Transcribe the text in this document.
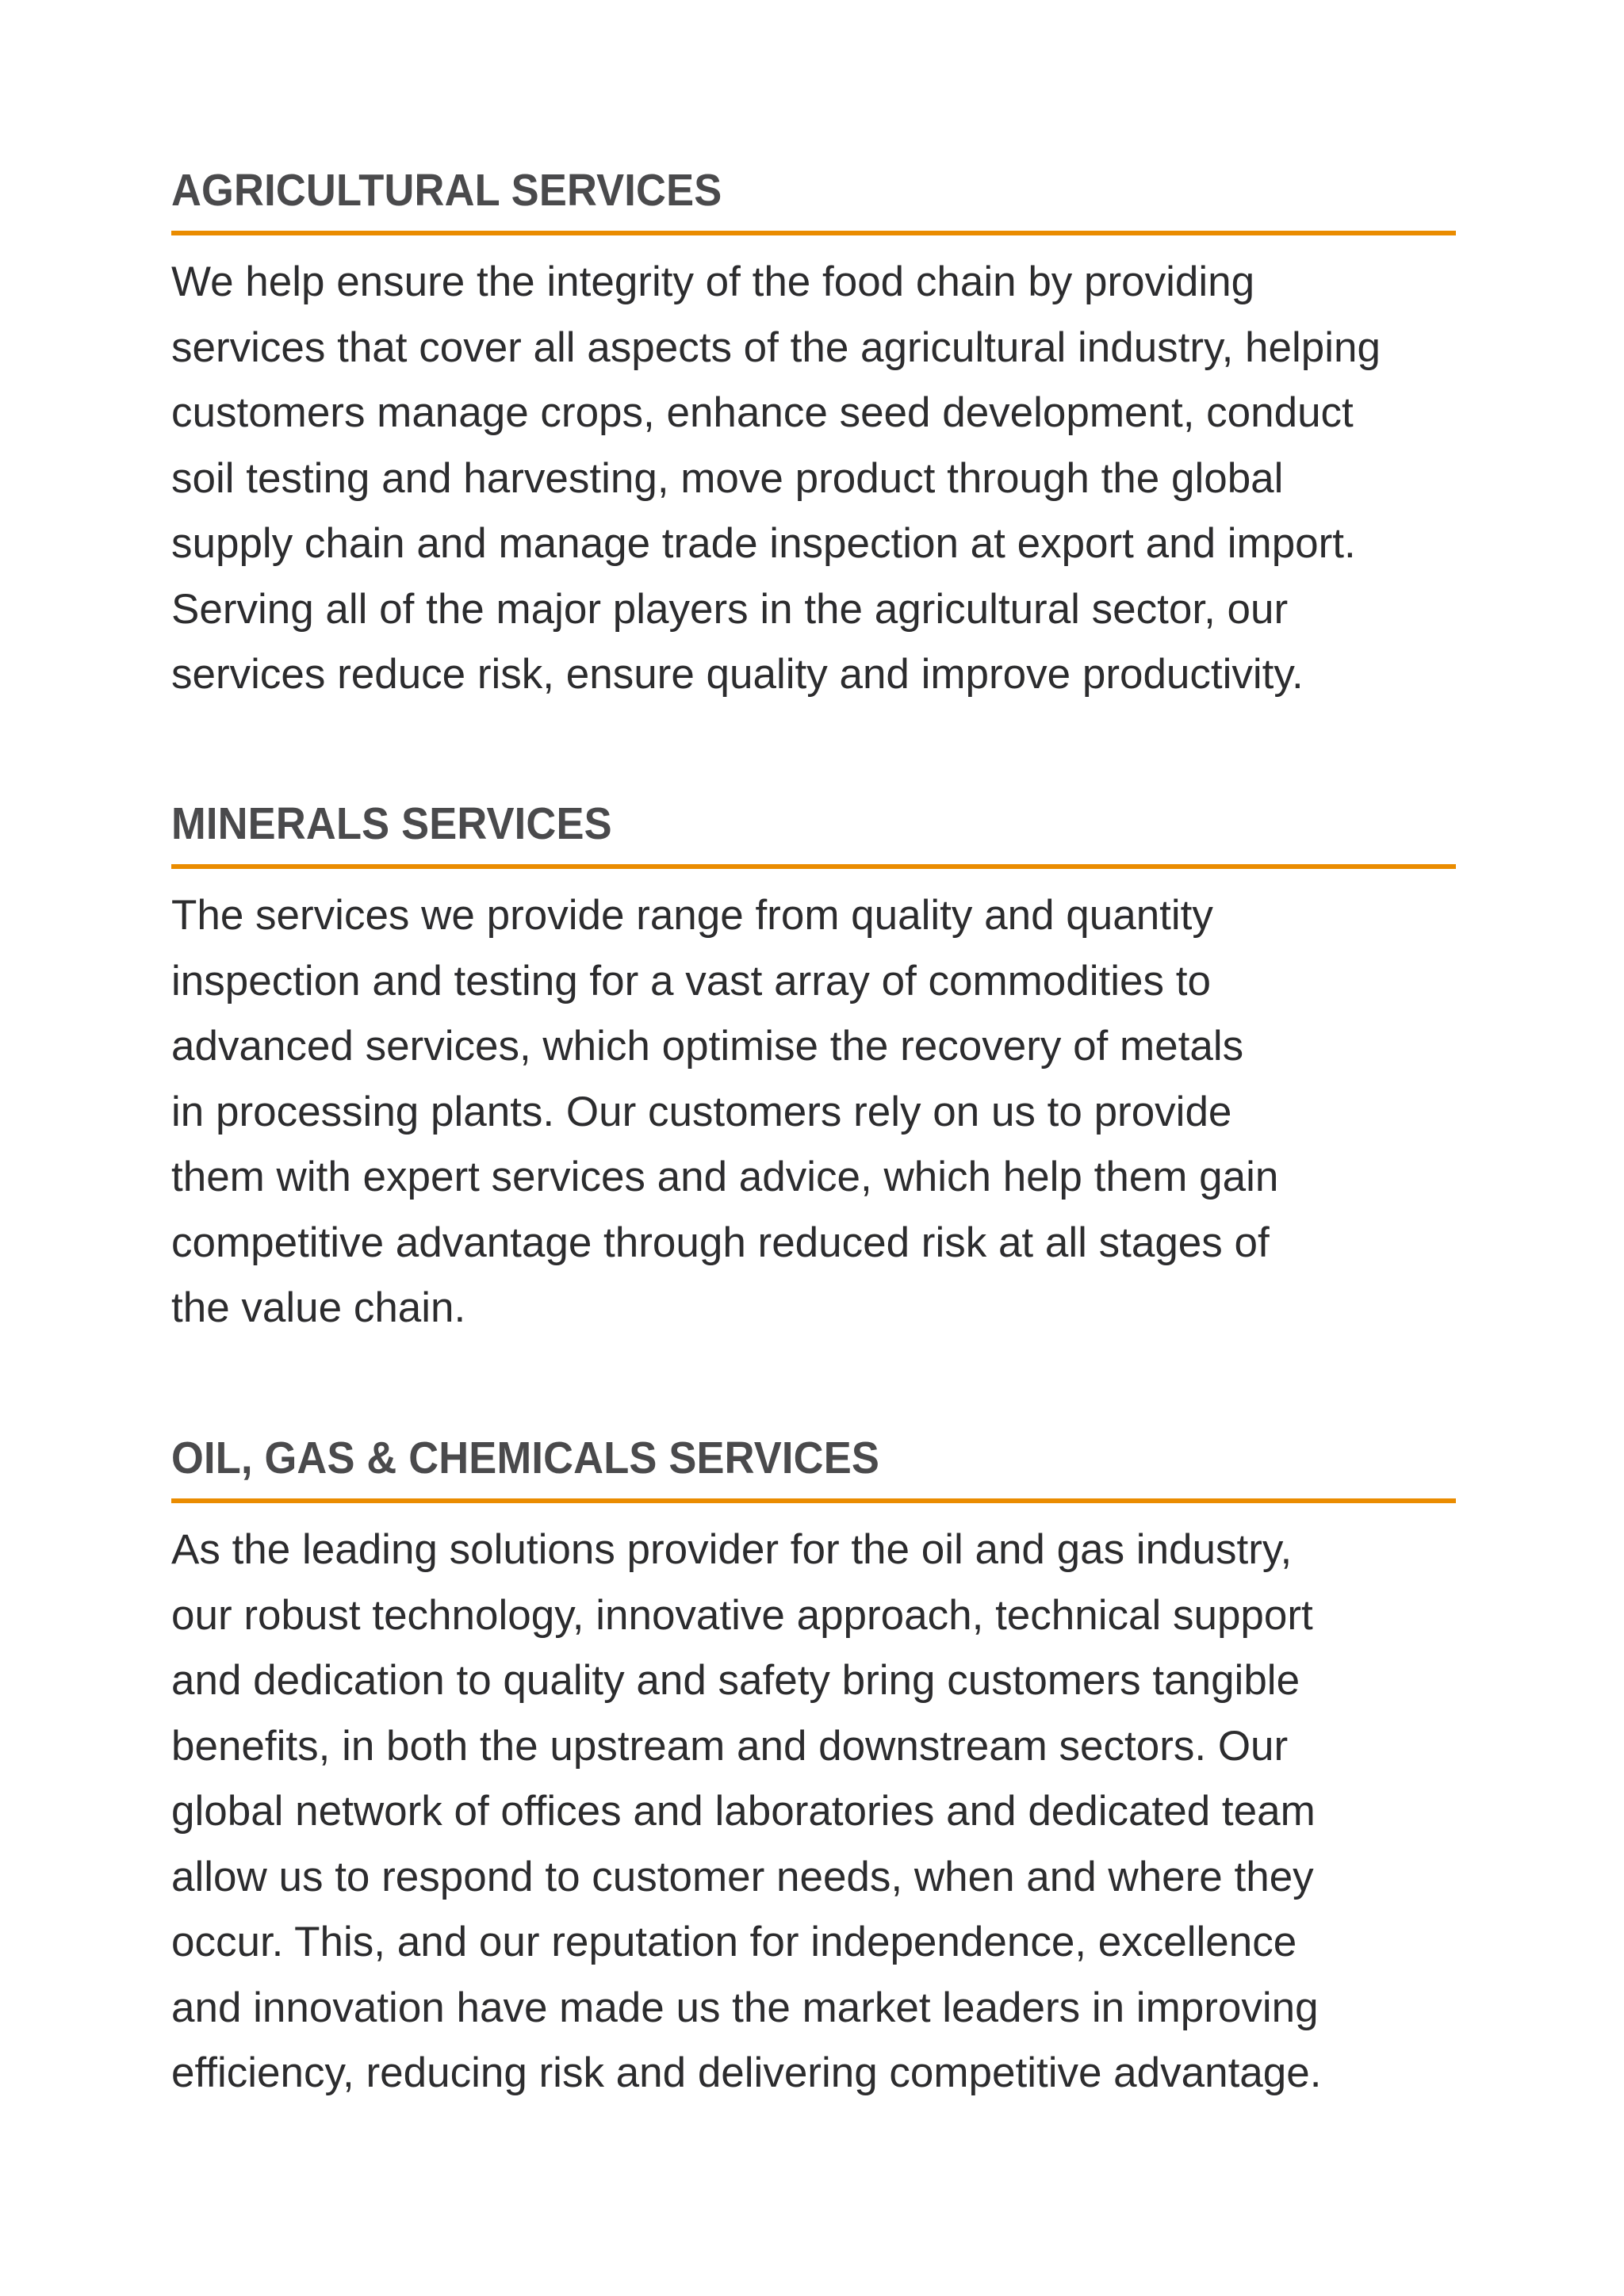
AGRICULTURAL SERVICES
We help ensure the integrity of the food chain by providing
services that cover all aspects of the agricultural industry, helping
customers manage crops, enhance seed development, conduct
soil testing and harvesting, move product through the global
supply chain and manage trade inspection at export and import.
Serving all of the major players in the agricultural sector, our
services reduce risk, ensure quality and improve productivity.
MINERALS SERVICES
The services we provide range from quality and quantity
inspection and testing for a vast array of commodities to
advanced services, which optimise the recovery of metals
in processing plants. Our customers rely on us to provide
them with expert services and advice, which help them gain
competitive advantage through reduced risk at all stages of
the value chain.
OIL, GAS & CHEMICALS SERVICES
As the leading solutions provider for the oil and gas industry,
our robust technology, innovative approach, technical support
and dedication to quality and safety bring customers tangible
benefits, in both the upstream and downstream sectors. Our
global network of offices and laboratories and dedicated team
allow us to respond to customer needs, when and where they
occur. This, and our reputation for independence, excellence
and innovation have made us the market leaders in improving
efficiency, reducing risk and delivering competitive advantage.
